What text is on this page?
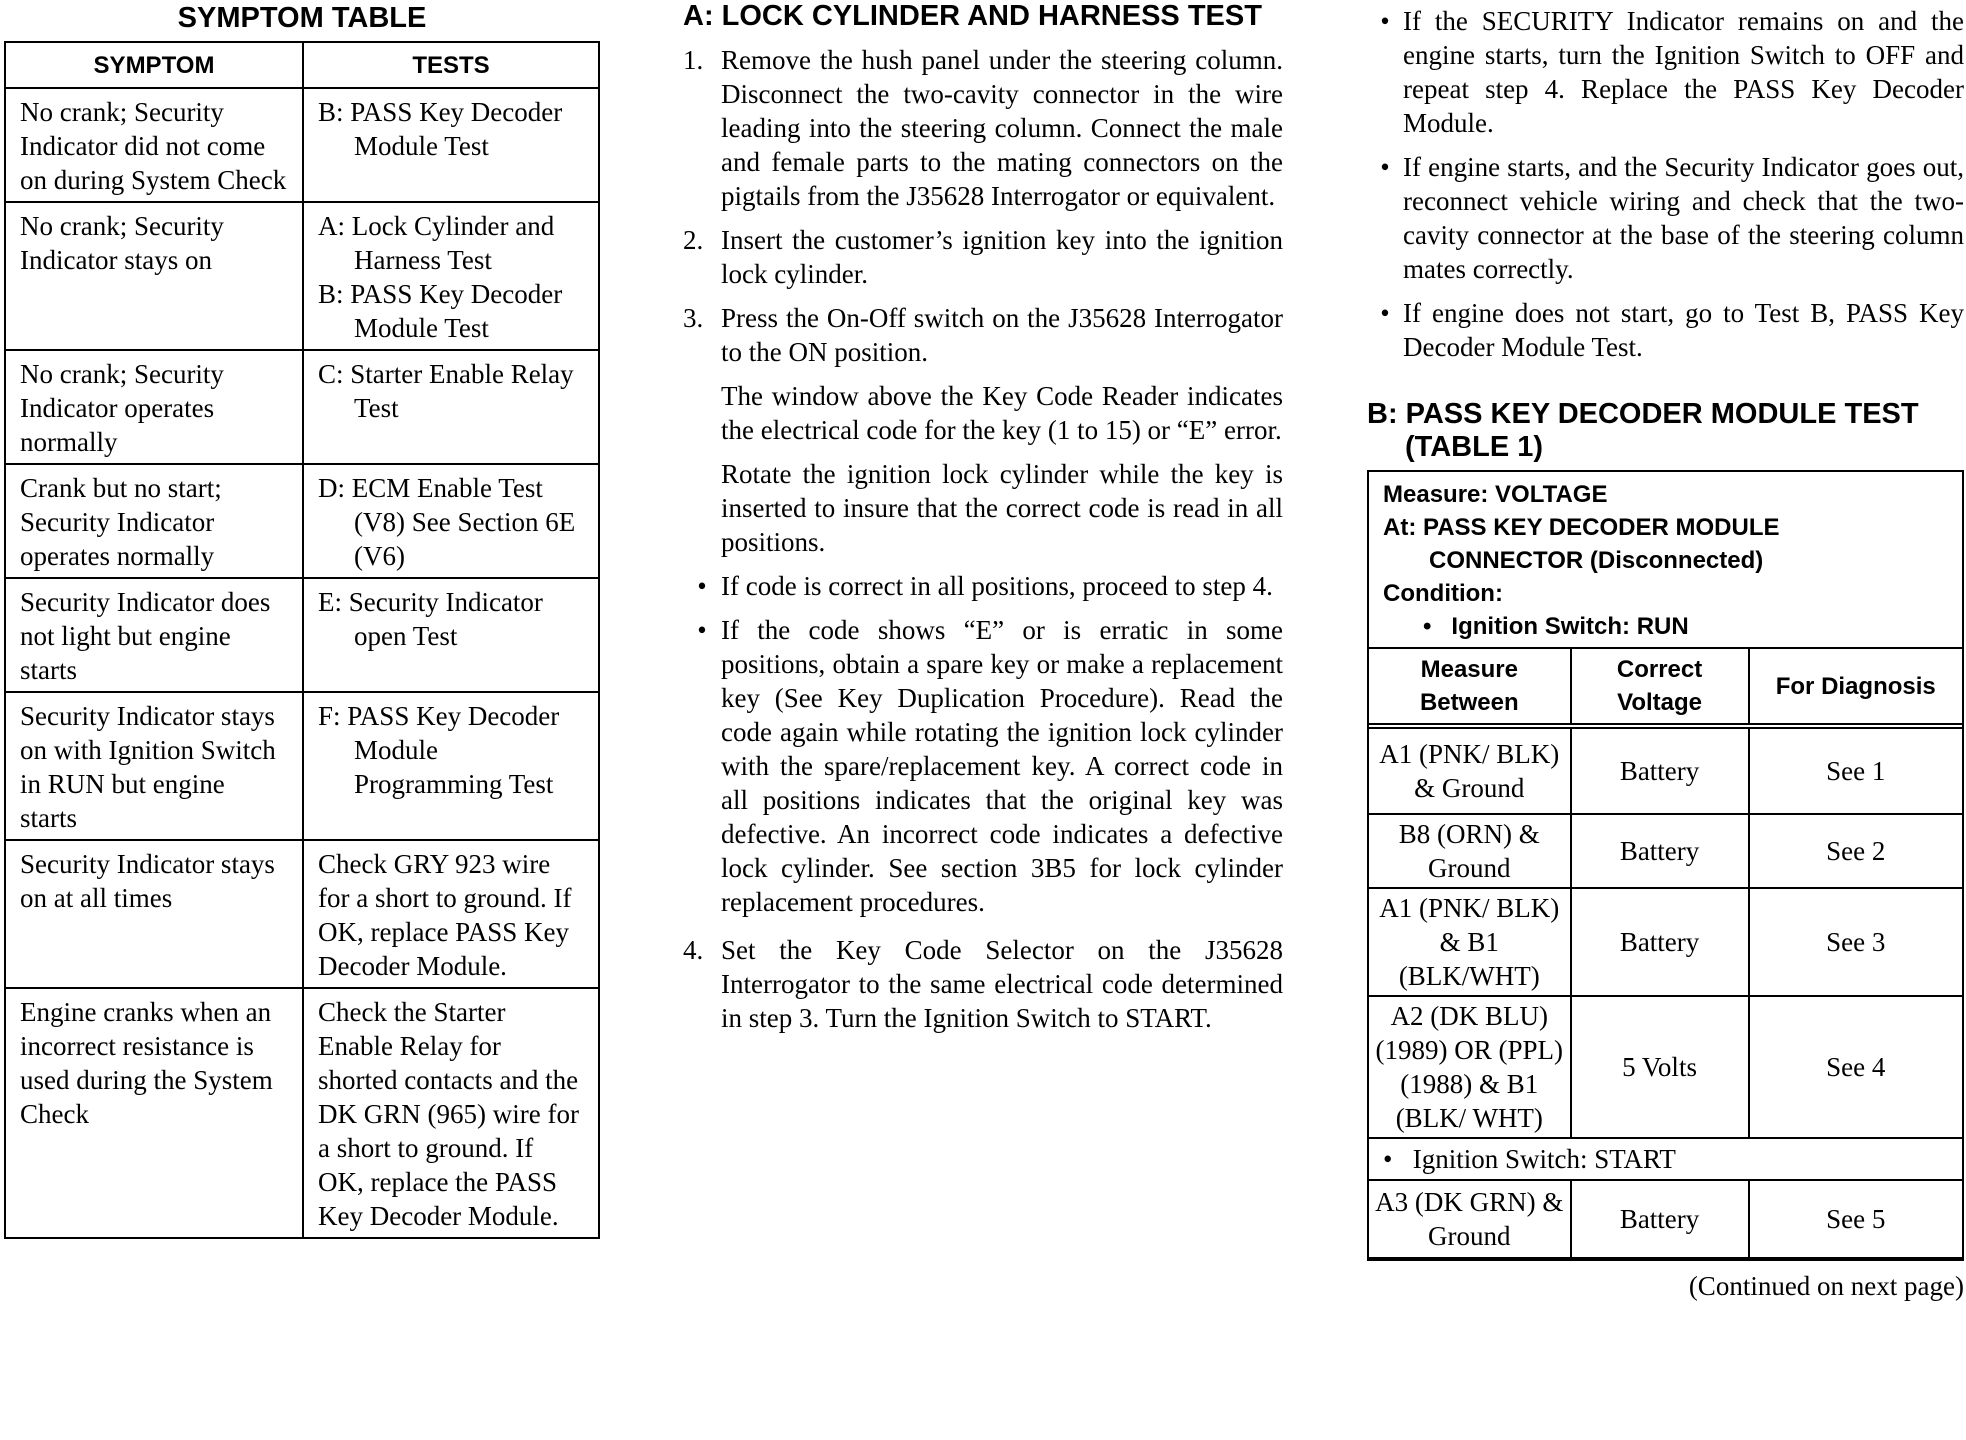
SYMPTOM TABLE
SYMPTOM	TESTS
No crank; Security Indicator did not come on during System Check	B: PASS Key Decoder Module Test

No crank; Security Indicator stays on	A: Lock Cylinder and Harness Test
B: PASS Key Decoder Module Test

No crank; Security Indicator operates normally	C: Starter Enable Relay Test

Crank but no start; Security Indicator operates normally	D: ECM Enable Test (V8) See Section 6E (V6)

Security Indicator does not light but engine starts	E: Security Indicator open Test

Security Indicator stays on with Ignition Switch in RUN but engine starts	F: PASS Key Decoder Module Programming Test

Security Indicator stays on at all times	Check GRY 923 wire for a short to ground. If OK, replace PASS Key Decoder Module.

Engine cranks when an incorrect resistance is used during the System Check	Check the Starter Enable Relay for shorted contacts and the DK GRN (965) wire for a short to ground. If OK, replace the PASS Key Decoder Module.
A: LOCK CYLINDER AND HARNESS TEST
1. Remove the hush panel under the steering column. Disconnect the two-cavity connector in the wire leading into the steering column. Connect the male and female parts to the mating connectors on the pigtails from the J35628 Interrogator or equivalent.

2. Insert the customer’s ignition key into the ignition lock cylinder.

3. Press the On-Off switch on the J35628 Interrogator to the ON position.

The window above the Key Code Reader indicates the electrical code for the key (1 to 15) or “E” error.

Rotate the ignition lock cylinder while the key is inserted to insure that the correct code is read in all positions.

• If code is correct in all positions, proceed to step 4.
• If the code shows “E” or is erratic in some positions, obtain a spare key or make a replacement key (See Key Duplication Procedure). Read the code again while rotating the ignition lock cylinder with the spare/replacement key. A correct code in all positions indicates that the original key was defective. An incorrect code indicates a defective lock cylinder. See section 3B5 for lock cylinder replacement procedures.
4. Set the Key Code Selector on the J35628 Interrogator to the same electrical code determined in step 3. Turn the Ignition Switch to START.
• If the SECURITY Indicator remains on and the engine starts, turn the Ignition Switch to OFF and repeat step 4. Replace the PASS Key Decoder Module.
• If engine starts, and the Security Indicator goes out, reconnect vehicle wiring and check that the two-cavity connector at the base of the steering column mates correctly.
• If engine does not start, go to Test B, PASS Key Decoder Module Test.
B: PASS KEY DECODER MODULE TEST (TABLE 1)
Measure: VOLTAGE
At: PASS KEY DECODER MODULE
CONNECTOR (Disconnected)
Condition:
•   Ignition Switch: RUN
Measure Between	Correct Voltage	For Diagnosis
A1 (PNK/ BLK) & Ground	Battery	See 1
B8 (ORN) & Ground	Battery	See 2
A1 (PNK/ BLK) & B1 (BLK/WHT)	Battery	See 3
A2 (DK BLU) (1989) OR (PPL) (1988) & B1 (BLK/ WHT)	5 Volts	See 4
•   Ignition Switch: START		
A3 (DK GRN) & Ground	Battery	See 5
(Continued on next page)
